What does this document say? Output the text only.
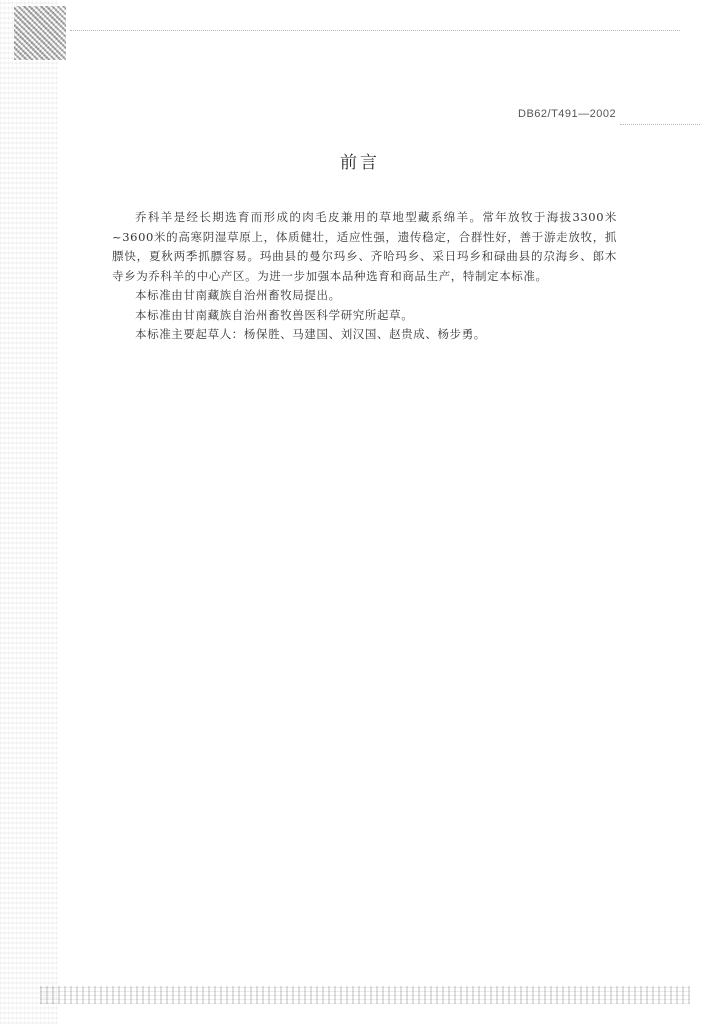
DB62/T491—2002
前言

乔科羊是经长期选育而形成的肉毛皮兼用的草地型藏系绵羊。常年放牧于海拔3300米~3600米的高寒阴湿草原上，体质健壮，适应性强，遗传稳定，合群性好，善于游走放牧，抓膘快，夏秋两季抓膘容易。玛曲县的曼尔玛乡、齐哈玛乡、采日玛乡和碌曲县的尕海乡、郎木寺乡为乔科羊的中心产区。为进一步加强本品种选育和商品生产，特制定本标准。

本标准由甘南藏族自治州畜牧局提出。

本标准由甘南藏族自治州畜牧兽医科学研究所起草。

本标准主要起草人：杨保胜、马建国、刘汉国、赵贵成、杨步勇。
